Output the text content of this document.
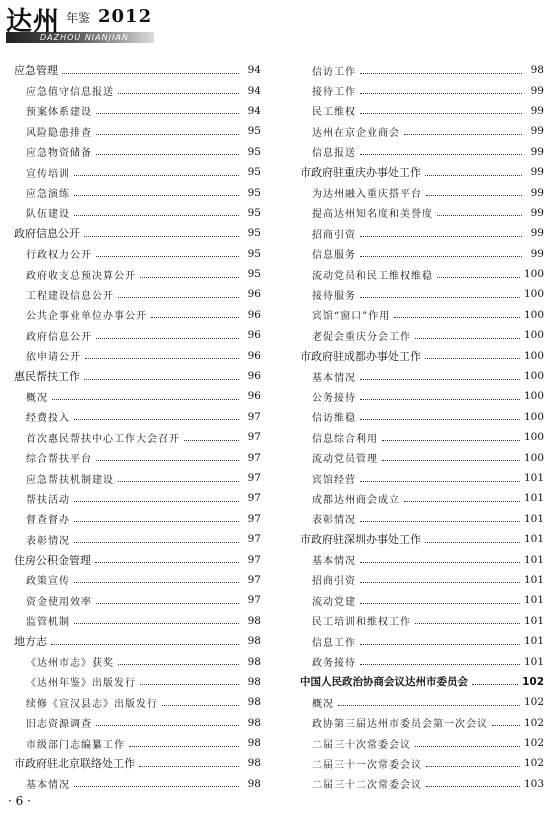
DAZHOU NIANJIAN
达州 年鉴 2012
应急管理	94
应急值守信息报送	94
预案体系建设	94
风险隐患排查	95
应急物资储备	95
宣传培训	95
应急演练	95
队伍建设	95
政府信息公开	95
行政权力公开	95
政府收支总预决算公开	95
工程建设信息公开	96
公共企事业单位办事公开	96
政府信息公开	96
依申请公开	96
惠民帮扶工作	96
概况	96
经费投入	97
首次惠民帮扶中心工作大会召开	97
综合帮扶平台	97
应急帮扶机制建设	97
帮扶活动	97
督查督办	97
表彰情况	97
住房公积金管理	97
政策宣传	97
资金使用效率	97
监管机制	98
地方志	98
《达州市志》获奖	98
《达州年鉴》出版发行	98
续修《宣汉县志》出版发行	98
旧志资源调查	98
市级部门志编纂工作	98
市政府驻北京联络处工作	98
基本情况	98
信访工作	98
接待工作	99
民工维权	99
达州在京企业商会	99
信息报送	99
市政府驻重庆办事处工作	99
为达州融入重庆搭平台	99
提高达州知名度和美誉度	99
招商引资	99
信息服务	99
流动党员和民工维权维稳	100
接待服务	100
宾馆“窗口”作用	100
老促会重庆分会工作	100
市政府驻成都办事处工作	100
基本情况	100
公务接待	100
信访维稳	100
信息综合利用	100
流动党员管理	100
宾馆经营	101
成都达州商会成立	101
表彰情况	101
市政府驻深圳办事处工作	101
基本情况	101
招商引资	101
流动党建	101
民工培训和维权工作	101
信息工作	101
政务接待	101
中国人民政治协商会议达州市委员会	102
概况	102
政协第三届达州市委员会第一次会议	102
二届三十次常委会议	102
二届三十一次常委会议	102
二届三十二次常委会议	103
· 6 ·
